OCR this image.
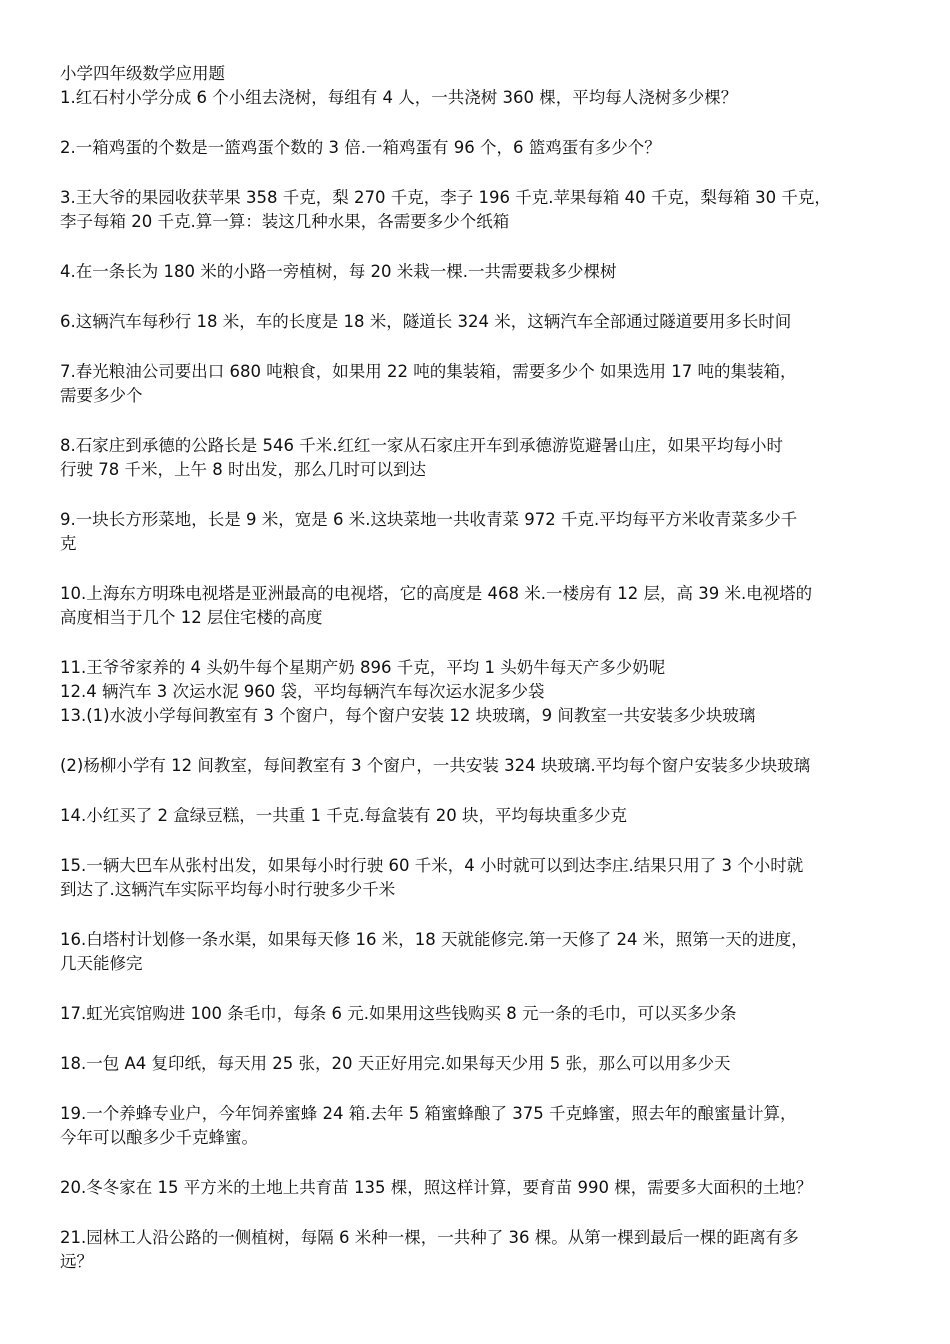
小学四年级数学应用题

1.红石村小学分成 6 个小组去浇树，每组有 4 人，一共浇树 360 棵，平均每人浇树多少棵？

2.一箱鸡蛋的个数是一篮鸡蛋个数的 3 倍.一箱鸡蛋有 96 个，6 篮鸡蛋有多少个？

3.王大爷的果园收获苹果 358 千克，梨 270 千克，李子 196 千克.苹果每箱 40 千克，梨每箱 30 千克，

李子每箱 20 千克.算一算：装这几种水果，各需要多少个纸箱

4.在一条长为 180 米的小路一旁植树，每 20 米栽一棵.一共需要栽多少棵树

6.这辆汽车每秒行 18 米，车的长度是 18 米，隧道长 324 米，这辆汽车全部通过隧道要用多长时间

7.春光粮油公司要出口 680 吨粮食，如果用 22 吨的集装箱，需要多少个 如果选用 17 吨的集装箱，

需要多少个

8.石家庄到承德的公路长是 546 千米.红红一家从石家庄开车到承德游览避暑山庄，如果平均每小时

行驶 78 千米，上午 8 时出发，那么几时可以到达

9.一块长方形菜地，长是 9 米，宽是 6 米.这块菜地一共收青菜 972 千克.平均每平方米收青菜多少千

克

10.上海东方明珠电视塔是亚洲最高的电视塔，它的高度是 468 米.一楼房有 12 层，高 39 米.电视塔的

高度相当于几个 12 层住宅楼的高度

11.王爷爷家养的 4 头奶牛每个星期产奶 896 千克，平均 1 头奶牛每天产多少奶呢

12.4 辆汽车 3 次运水泥 960 袋，平均每辆汽车每次运水泥多少袋

13.(1)水波小学每间教室有 3 个窗户，每个窗户安装 12 块玻璃，9 间教室一共安装多少块玻璃

(2)杨柳小学有 12 间教室，每间教室有 3 个窗户，一共安装 324 块玻璃.平均每个窗户安装多少块玻璃

14.小红买了 2 盒绿豆糕，一共重 1 千克.每盒装有 20 块，平均每块重多少克

15.一辆大巴车从张村出发，如果每小时行驶 60 千米，4 小时就可以到达李庄.结果只用了 3 个小时就

到达了.这辆汽车实际平均每小时行驶多少千米

16.白塔村计划修一条水渠，如果每天修 16 米，18 天就能修完.第一天修了 24 米，照第一天的进度，

几天能修完

17.虹光宾馆购进 100 条毛巾，每条 6 元.如果用这些钱购买 8 元一条的毛巾，可以买多少条

18.一包 A4 复印纸，每天用 25 张，20 天正好用完.如果每天少用 5 张，那么可以用多少天

19.一个养蜂专业户，今年饲养蜜蜂 24 箱.去年 5 箱蜜蜂酿了 375 千克蜂蜜，照去年的酿蜜量计算，

今年可以酿多少千克蜂蜜。

20.冬冬家在 15 平方米的土地上共育苗 135 棵，照这样计算，要育苗 990 棵，需要多大面积的土地？

21.园林工人沿公路的一侧植树，每隔 6 米种一棵，一共种了 36 棵。从第一棵到最后一棵的距离有多

远？
